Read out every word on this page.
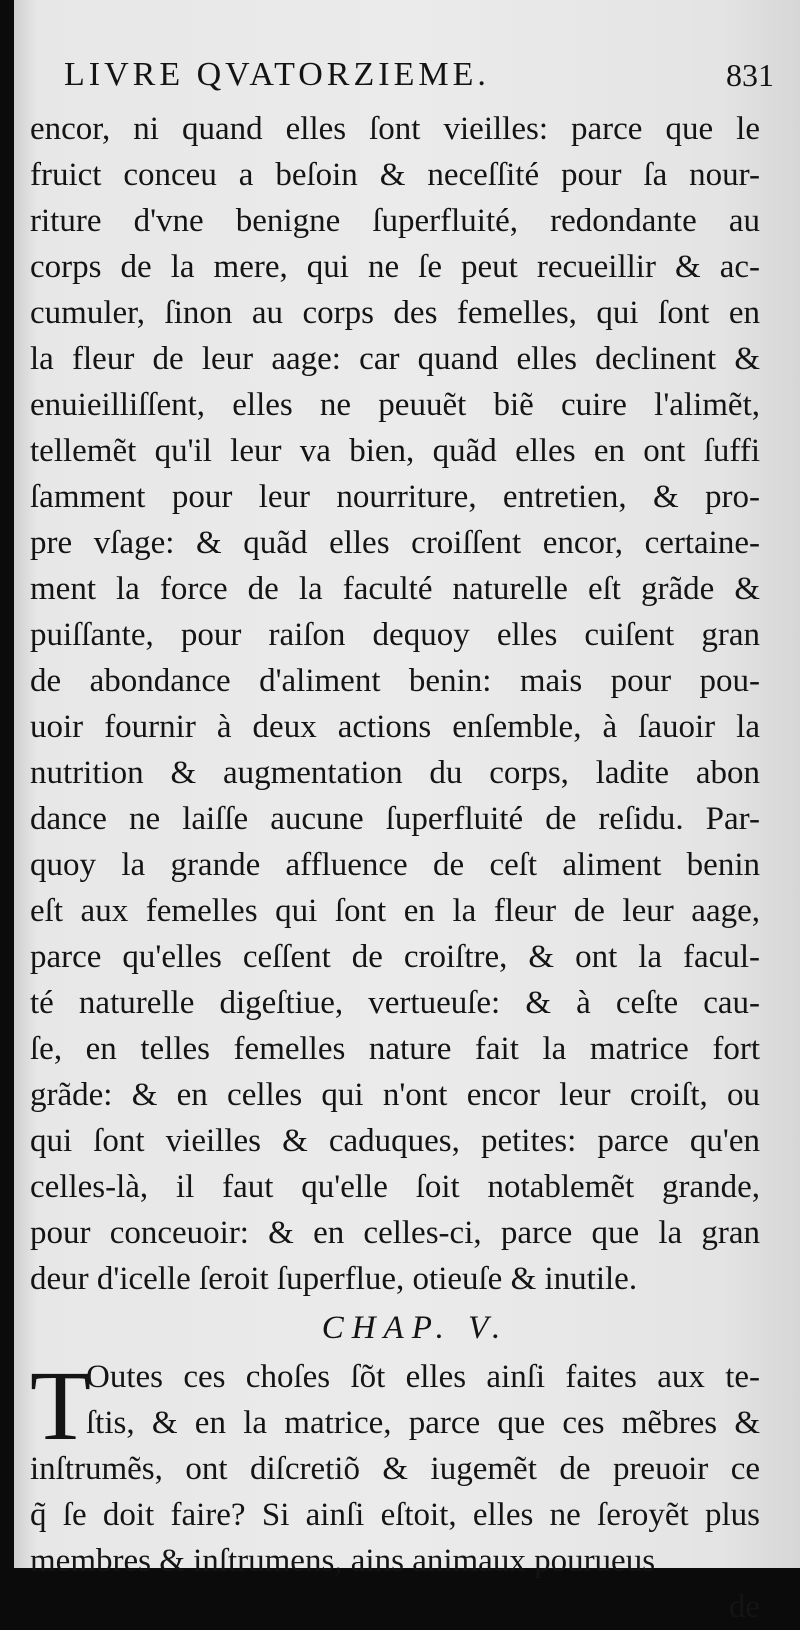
LIVRE QVATORZIEME.	831
encor, ni quand elles ſont vieilles: parce que le
fruict conceu a beſoin & neceſſité pour ſa nour-
riture d'vne benigne ſuperfluité, redondante au
corps de la mere, qui ne ſe peut recueillir & ac-
cumuler, ſinon au corps des femelles, qui ſont en
la fleur de leur aage: car quand elles declinent &
enuieilliſſent, elles ne peuuẽt biẽ cuire l'alimẽt,
tellemẽt qu'il leur va bien, quãd elles en ont ſuffi
ſamment pour leur nourriture, entretien, & pro-
pre vſage: & quãd elles croiſſent encor, certaine-
ment la force de la faculté naturelle eſt grãde &
puiſſante, pour raiſon dequoy elles cuiſent gran
de abondance d'aliment benin: mais pour pou-
uoir fournir à deux actions enſemble, à ſauoir la
nutrition & augmentation du corps, ladite abon
dance ne laiſſe aucune ſuperfluité de reſidu. Par-
quoy la grande affluence de ceſt aliment benin
eſt aux femelles qui ſont en la fleur de leur aage,
parce qu'elles ceſſent de croiſtre, & ont la facul-
té naturelle digeſtiue, vertueuſe: & à ceſte cau-
ſe, en telles femelles nature fait la matrice fort
grãde: & en celles qui n'ont encor leur croiſt, ou
qui ſont vieilles & caduques, petites: parce qu'en
celles-là, il faut qu'elle ſoit notablemẽt grande,
pour conceuoir: & en celles-ci, parce que la gran
deur d'icelle ſeroit ſuperflue, otieuſe & inutile.
CHAP. V.
T
Outes ces choſes ſõt elles ainſi faites aux te-
ſtis, & en la matrice, parce que ces mẽbres &
inſtrumẽs, ont diſcretiõ & iugemẽt de preuoir ce
q̃ ſe doit faire? Si ainſi eſtoit, elles ne ſeroyẽt plus
membres & inſtrumens, ains animaux pourueus
de
